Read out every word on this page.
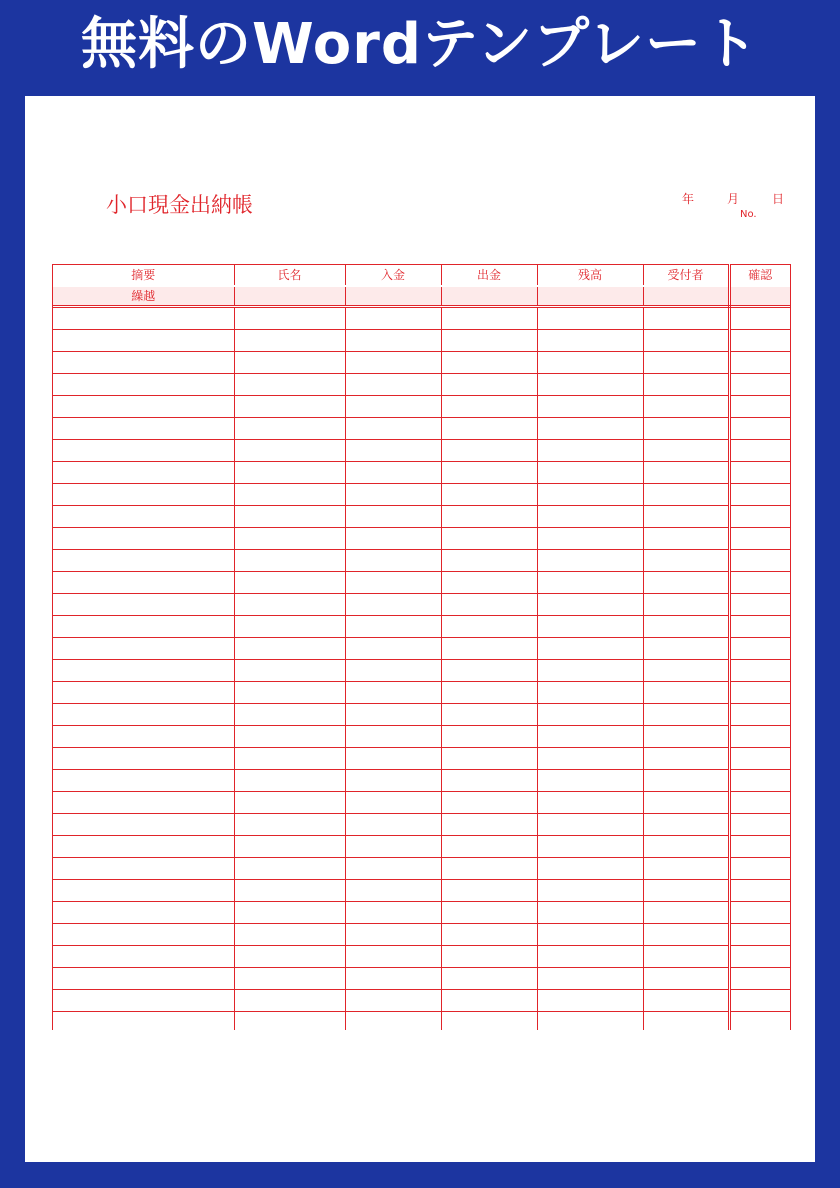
無料のWordテンプレート
小口現金出納帳	年	月	日
No.
摘要	氏名	入金	出金	残高	受付者	確認
繰越						
